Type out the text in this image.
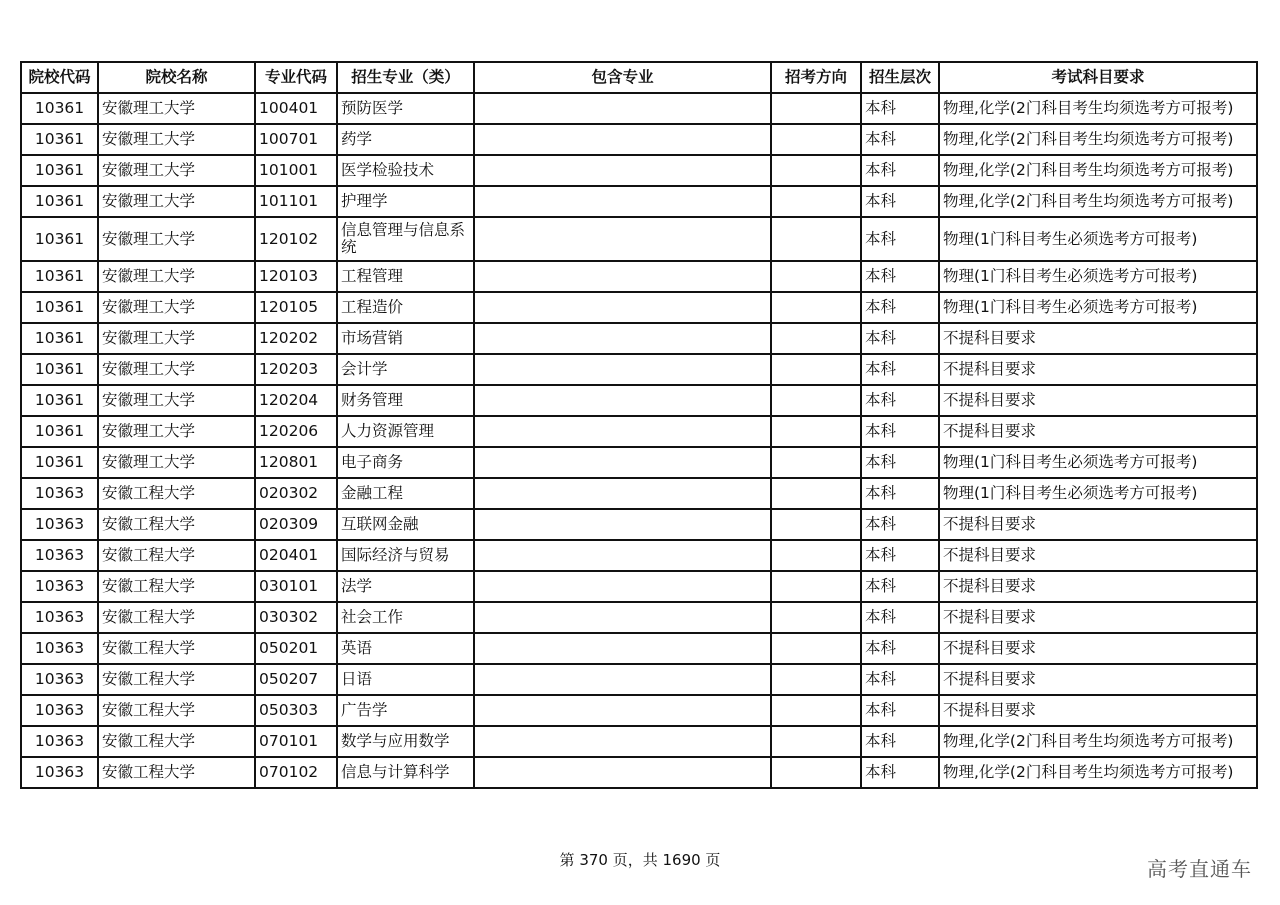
院校代码	院校名称	专业代码	招生专业（类）	包含专业	招考方向	招生层次	考试科目要求
10361	安徽理工大学	100401	预防医学			本科	物理,化学(2门科目考生均须选考方可报考)
10361	安徽理工大学	100701	药学			本科	物理,化学(2门科目考生均须选考方可报考)
10361	安徽理工大学	101001	医学检验技术			本科	物理,化学(2门科目考生均须选考方可报考)
10361	安徽理工大学	101101	护理学			本科	物理,化学(2门科目考生均须选考方可报考)
10361	安徽理工大学	120102	信息管理与信息系统			本科	物理(1门科目考生必须选考方可报考)
10361	安徽理工大学	120103	工程管理			本科	物理(1门科目考生必须选考方可报考)
10361	安徽理工大学	120105	工程造价			本科	物理(1门科目考生必须选考方可报考)
10361	安徽理工大学	120202	市场营销			本科	不提科目要求
10361	安徽理工大学	120203	会计学			本科	不提科目要求
10361	安徽理工大学	120204	财务管理			本科	不提科目要求
10361	安徽理工大学	120206	人力资源管理			本科	不提科目要求
10361	安徽理工大学	120801	电子商务			本科	物理(1门科目考生必须选考方可报考)
10363	安徽工程大学	020302	金融工程			本科	物理(1门科目考生必须选考方可报考)
10363	安徽工程大学	020309	互联网金融			本科	不提科目要求
10363	安徽工程大学	020401	国际经济与贸易			本科	不提科目要求
10363	安徽工程大学	030101	法学			本科	不提科目要求
10363	安徽工程大学	030302	社会工作			本科	不提科目要求
10363	安徽工程大学	050201	英语			本科	不提科目要求
10363	安徽工程大学	050207	日语			本科	不提科目要求
10363	安徽工程大学	050303	广告学			本科	不提科目要求
10363	安徽工程大学	070101	数学与应用数学			本科	物理,化学(2门科目考生均须选考方可报考)
10363	安徽工程大学	070102	信息与计算科学			本科	物理,化学(2门科目考生均须选考方可报考)
第 370 页，共 1690 页	高考直通车
